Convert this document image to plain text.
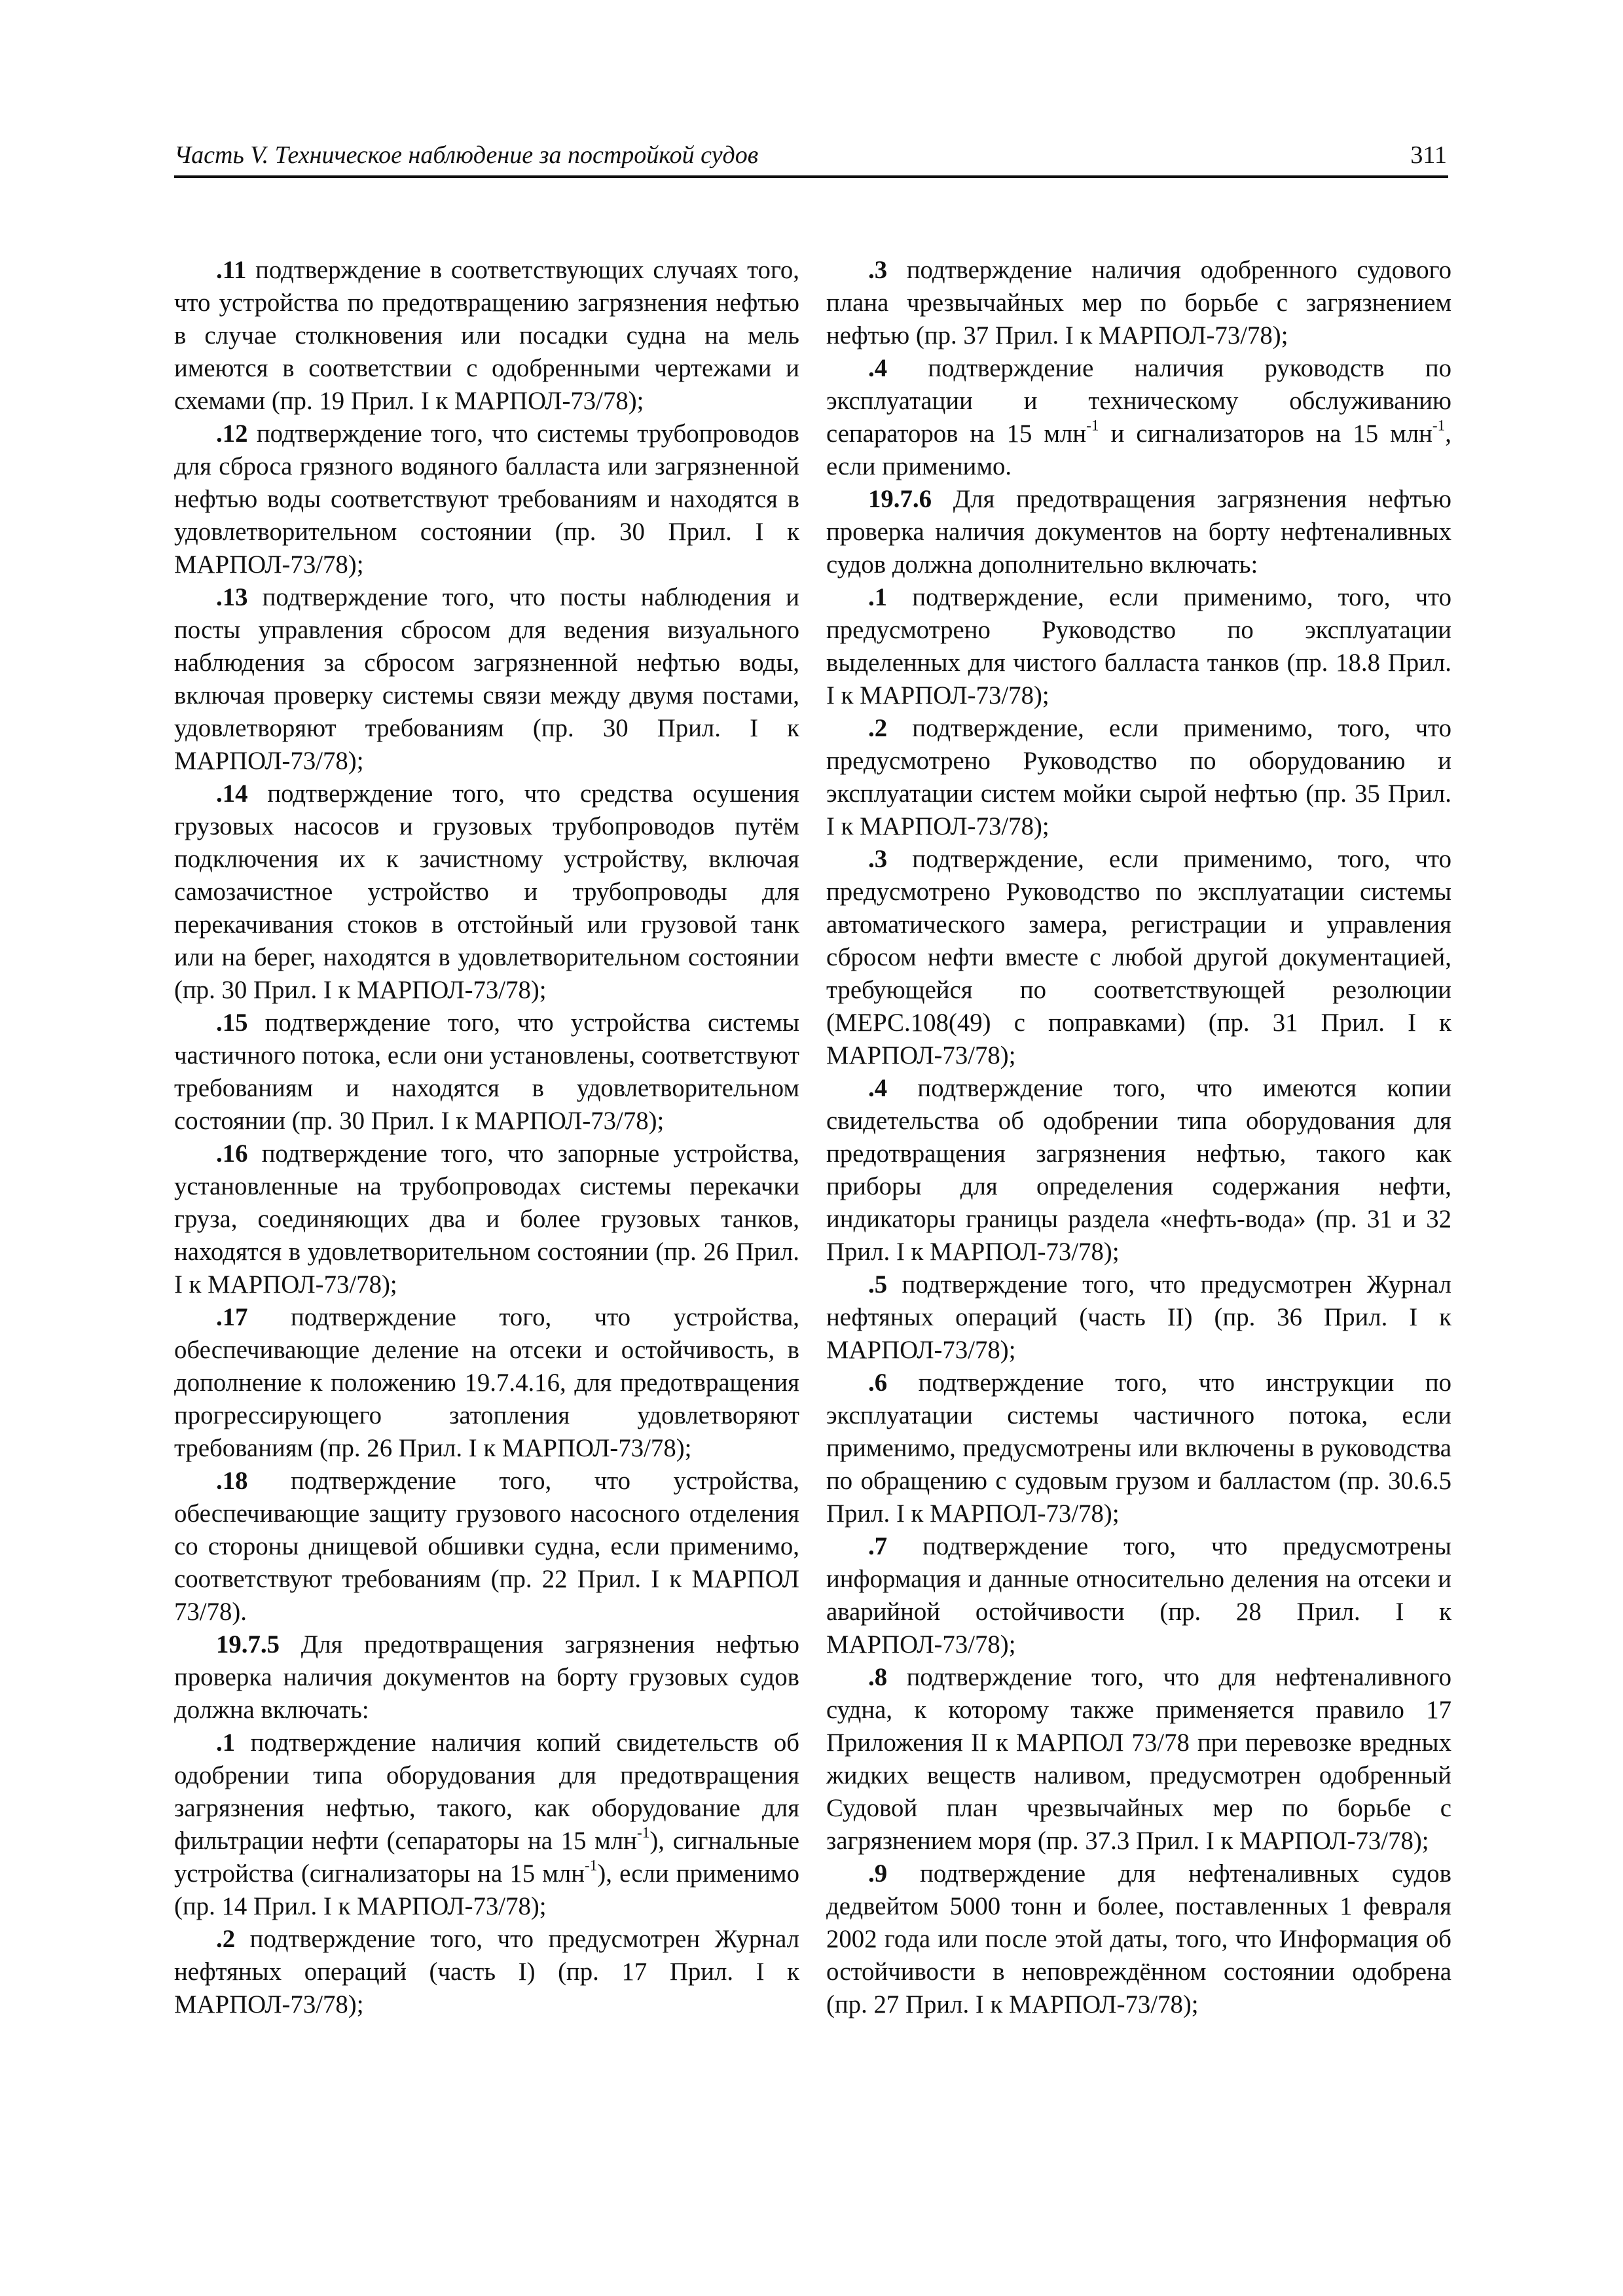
Часть V. Техническое наблюдение за постройкой судов	311

.11 подтверждение в соответствующих случаях того, что устройства по предотвращению загрязнения нефтью в случае столкновения или посадки судна на мель имеются в соответствии с одобренными чертежами и схемами (пр. 19 Прил. I к МАРПОЛ-73/78);

.12 подтверждение того, что системы трубопроводов для сброса грязного водяного балласта или загрязненной нефтью воды соответствуют требованиям и находятся в удовлетворительном состоянии (пр. 30 Прил. I к МАРПОЛ-73/78);

.13 подтверждение того, что посты наблюдения и посты управления сбросом для ведения визуального наблюдения за сбросом загрязненной нефтью воды, включая проверку системы связи между двумя постами, удовлетворяют требованиям (пр. 30 Прил. I к МАРПОЛ-73/78);

.14 подтверждение того, что средства осушения грузовых насосов и грузовых трубопроводов путём подключения их к зачистному устройству, включая самозачистное устройство и трубопроводы для перекачивания стоков в отстойный или грузовой танк или на берег, находятся в удовлетворительном состоянии (пр. 30 Прил. I к МАРПОЛ-73/78);

.15 подтверждение того, что устройства системы частичного потока, если они установлены, соответствуют требованиям и находятся в удовлетворительном состоянии (пр. 30 Прил. I к МАРПОЛ-73/78);

.16 подтверждение того, что запорные устройства, установленные на трубопроводах системы перекачки груза, соединяющих два и более грузовых танков, находятся в удовлетворительном состоянии (пр. 26 Прил. I к МАРПОЛ-73/78);

.17 подтверждение того, что устройства, обеспечивающие деление на отсеки и остойчивость, в дополнение к положению 19.7.4.16, для предотвращения прогрессирующего затопления удовлетворяют требованиям (пр. 26 Прил. I к МАРПОЛ-73/78);

.18 подтверждение того, что устройства, обеспечивающие защиту грузового насосного отделения со стороны днищевой обшивки судна, если применимо, соответствуют требованиям (пр. 22 Прил. I к МАРПОЛ 73/78).

19.7.5 Для предотвращения загрязнения нефтью проверка наличия документов на борту грузовых судов должна включать:

.1 подтверждение наличия копий свидетельств об одобрении типа оборудования для предотвращения загрязнения нефтью, такого, как оборудование для фильтрации нефти (сепараторы на 15 млн$^{-1}$), сигнальные устройства (сигнализаторы на 15 млн$^{-1}$), если применимо (пр. 14 Прил. I к МАРПОЛ-73/78);

.2 подтверждение того, что предусмотрен Журнал нефтяных операций (часть I) (пр. 17 Прил. I к МАРПОЛ-73/78);

.3 подтверждение наличия одобренного судового плана чрезвычайных мер по борьбе с загрязнением нефтью (пр. 37 Прил. I к МАРПОЛ-73/78);

.4 подтверждение наличия руководств по эксплуатации и техническому обслуживанию сепараторов на 15 млн$^{-1}$ и сигнализаторов на 15 млн$^{-1}$, если применимо.

19.7.6 Для предотвращения загрязнения нефтью проверка наличия документов на борту нефтеналивных судов должна дополнительно включать:

.1 подтверждение, если применимо, того, что предусмотрено Руководство по эксплуатации выделенных для чистого балласта танков (пр. 18.8 Прил. I к МАРПОЛ-73/78);

.2 подтверждение, если применимо, того, что предусмотрено Руководство по оборудованию и эксплуатации систем мойки сырой нефтью (пр. 35 Прил. I к МАРПОЛ-73/78);

.3 подтверждение, если применимо, того, что предусмотрено Руководство по эксплуатации системы автоматического замера, регистрации и управления сбросом нефти вместе с любой другой документацией, требующейся по соответствующей резолюции (МЕРС.108(49) с поправками) (пр. 31 Прил. I к МАРПОЛ-73/78);

.4 подтверждение того, что имеются копии свидетельства об одобрении типа оборудования для предотвращения загрязнения нефтью, такого как приборы для определения содержания нефти, индикаторы границы раздела «нефть-вода» (пр. 31 и 32 Прил. I к МАРПОЛ-73/78);

.5 подтверждение того, что предусмотрен Журнал нефтяных операций (часть II) (пр. 36 Прил. I к МАРПОЛ-73/78);

.6 подтверждение того, что инструкции по эксплуатации системы частичного потока, если применимо, предусмотрены или включены в руководства по обращению с судовым грузом и балластом (пр. 30.6.5 Прил. I к МАРПОЛ-73/78);

.7 подтверждение того, что предусмотрены информация и данные относительно деления на отсеки и аварийной остойчивости (пр. 28 Прил. I к МАРПОЛ-73/78);

.8 подтверждение того, что для нефтеналивного судна, к которому также применяется правило 17 Приложения II к МАРПОЛ 73/78 при перевозке вредных жидких веществ наливом, предусмотрен одобренный Судовой план чрезвычайных мер по борьбе с загрязнением моря (пр. 37.3 Прил. I к МАРПОЛ-73/78);

.9 подтверждение для нефтеналивных судов дедвейтом 5000 тонн и более, поставленных 1 февраля 2002 года или после этой даты, того, что Информация об остойчивости в неповреждённом состоянии одобрена (пр. 27 Прил. I к МАРПОЛ-73/78);
